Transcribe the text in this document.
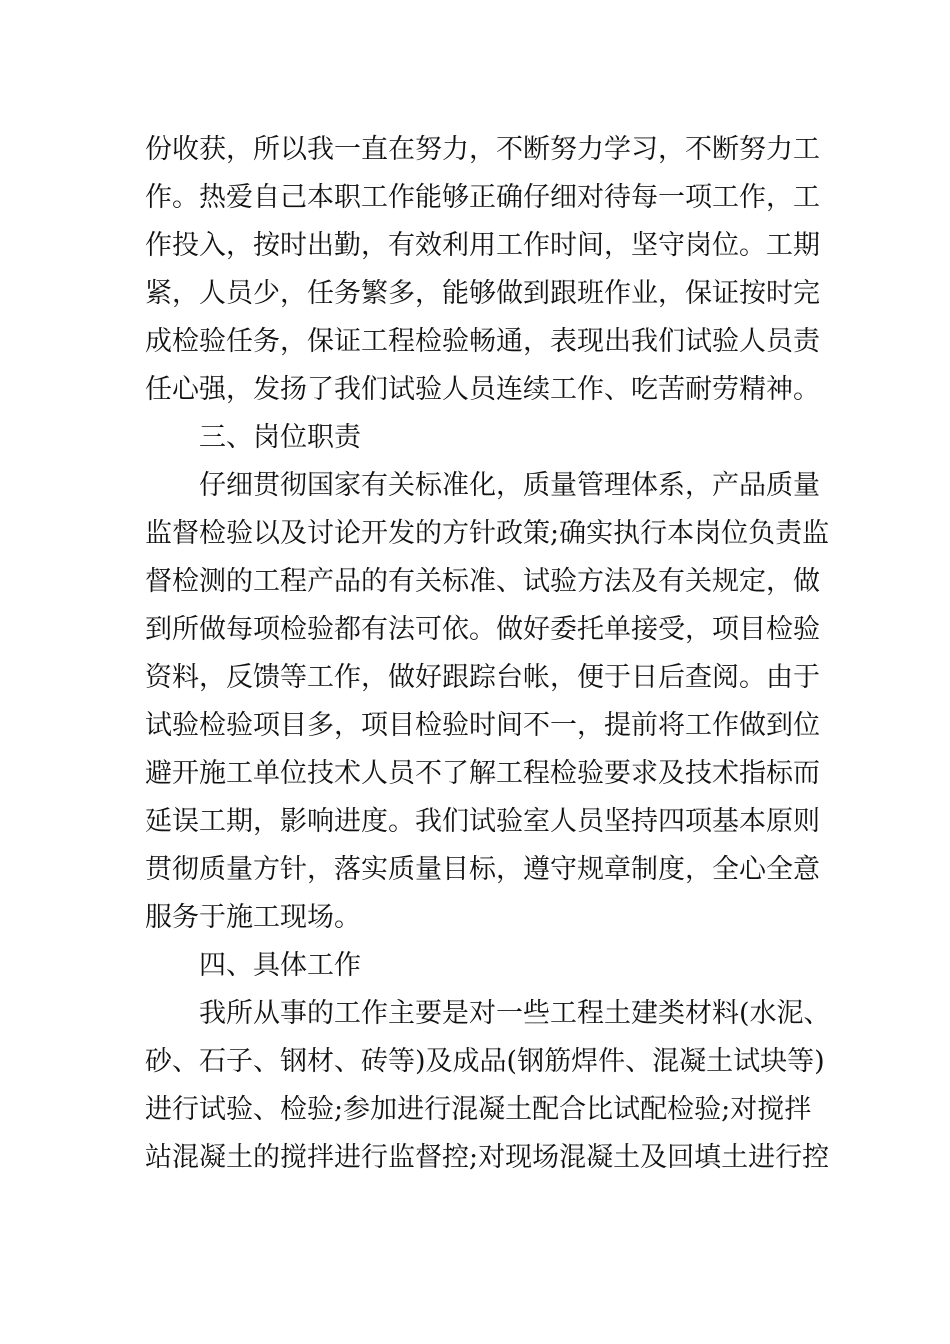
份收获，所以我一直在努力，不断努力学习，不断努力工
作。热爱自己本职工作能够正确仔细对待每一项工作，工
作投入，按时出勤，有效利用工作时间，坚守岗位。工期
紧，人员少，任务繁多，能够做到跟班作业，保证按时完
成检验任务，保证工程检验畅通，表现出我们试验人员责
任心强，发扬了我们试验人员连续工作、吃苦耐劳精神。
三、岗位职责
仔细贯彻国家有关标准化，质量管理体系，产品质量
监督检验以及讨论开发的方针政策;确实执行本岗位负责监
督检测的工程产品的有关标准、试验方法及有关规定，做
到所做每项检验都有法可依。做好委托单接受，项目检验
资料，反馈等工作，做好跟踪台帐，便于日后查阅。由于
试验检验项目多，项目检验时间不一，提前将工作做到位
避开施工单位技术人员不了解工程检验要求及技术指标而
延误工期，影响进度。我们试验室人员坚持四项基本原则
贯彻质量方针，落实质量目标，遵守规章制度，全心全意
服务于施工现场。
四、具体工作
我所从事的工作主要是对一些工程土建类材料(水泥、
砂、石子、钢材、砖等)及成品(钢筋焊件、混凝土试块等)
进行试验、检验;参加进行混凝土配合比试配检验;对搅拌
站混凝土的搅拌进行监督控;对现场混凝土及回填土进行控
